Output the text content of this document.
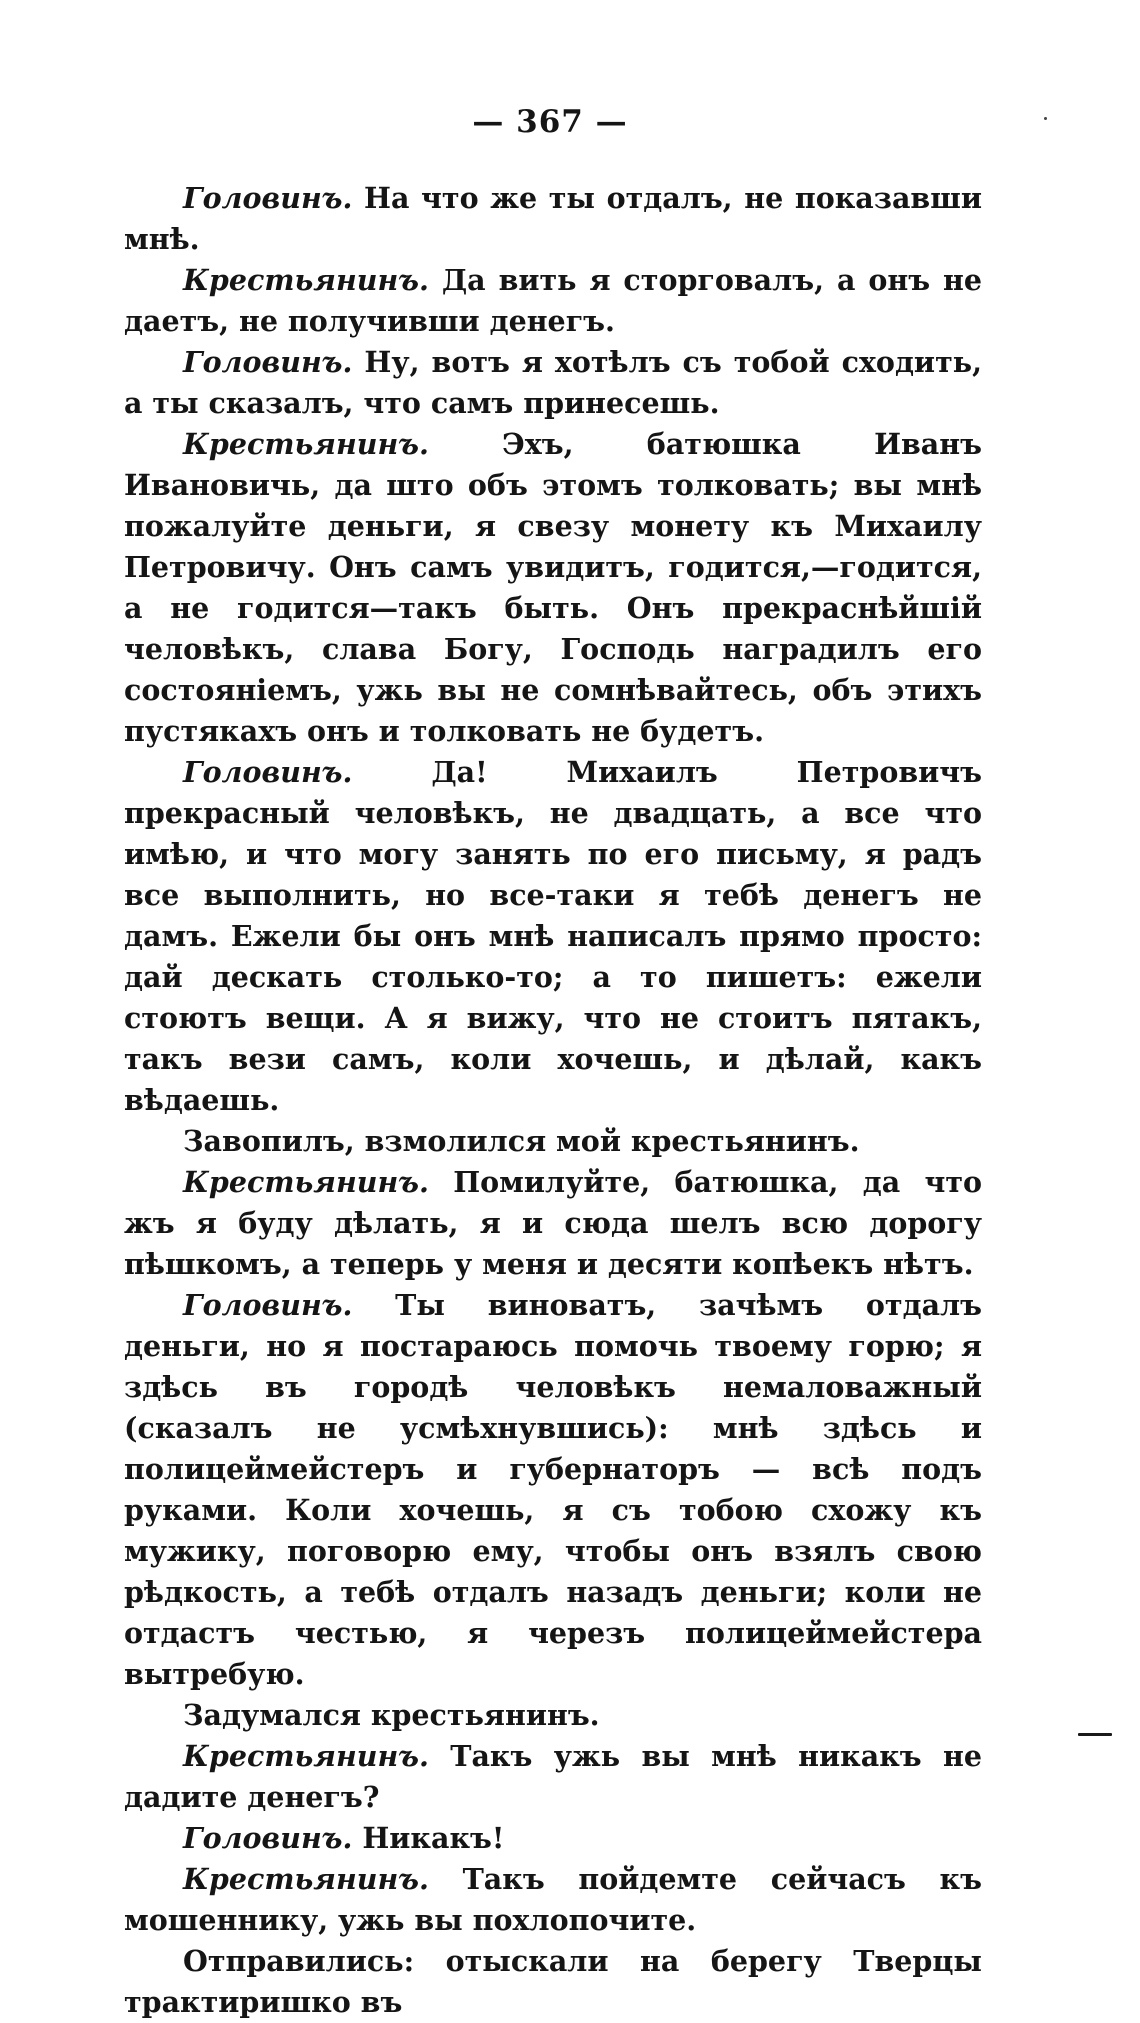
— 367 —

Головинъ. На что же ты отдалъ, не показавши мнѣ.

Крестьянинъ. Да вить я сторговалъ, а онъ не даетъ, не получивши денегъ.

Головинъ. Ну, вотъ я хотѣлъ съ тобой сходить, а ты сказалъ, что самъ принесешь.

Крестьянинъ. Эхъ, батюшка Иванъ Ивановичь, да што объ этомъ толковать; вы мнѣ пожалуйте деньги, я свезу монету къ Михаилу Петровичу. Онъ самъ увидитъ, годится,—годится, а не годится—такъ быть. Онъ прекраснѣйшій человѣкъ, слава Богу, Господь наградилъ его состояніемъ, ужь вы не сомнѣвайтесь, объ этихъ пустякахъ онъ и толковать не будетъ.

Головинъ. Да! Михаилъ Петровичъ прекрасный человѣкъ, не двадцать, а все что имѣю, и что могу занять по его письму, я радъ все выполнить, но все-таки я тебѣ денегъ не дамъ. Ежели бы онъ мнѣ написалъ прямо просто: дай дескать столько-то; а то пишетъ: ежели стоютъ вещи. А я вижу, что не стоитъ пятакъ, такъ вези самъ, коли хочешь, и дѣлай, какъ вѣдаешь.

Завопилъ, взмолился мой крестьянинъ.

Крестьянинъ. Помилуйте, батюшка, да что жъ я буду дѣлать, я и сюда шелъ всю дорогу пѣшкомъ, а теперь у меня и десяти копѣекъ нѣтъ.

Головинъ. Ты виноватъ, зачѣмъ отдалъ деньги, но я постараюсь помочь твоему горю; я здѣсь въ городѣ человѣкъ немаловажный (сказалъ не усмѣхнувшись): мнѣ здѣсь и полицеймейстеръ и губернаторъ — всѣ подъ руками. Коли хочешь, я съ тобою схожу къ мужику, поговорю ему, чтобы онъ взялъ свою рѣдкость, а тебѣ отдалъ назадъ деньги; коли не отдастъ честью, я черезъ полицеймейстера вытребую.

Задумался крестьянинъ.

Крестьянинъ. Такъ ужь вы мнѣ никакъ не дадите денегъ?

Головинъ. Никакъ!

Крестьянинъ. Такъ пойдемте сейчасъ къ мошеннику, ужь вы похлопочите.

Отправились: отыскали на берегу Тверцы трактиришко въ
